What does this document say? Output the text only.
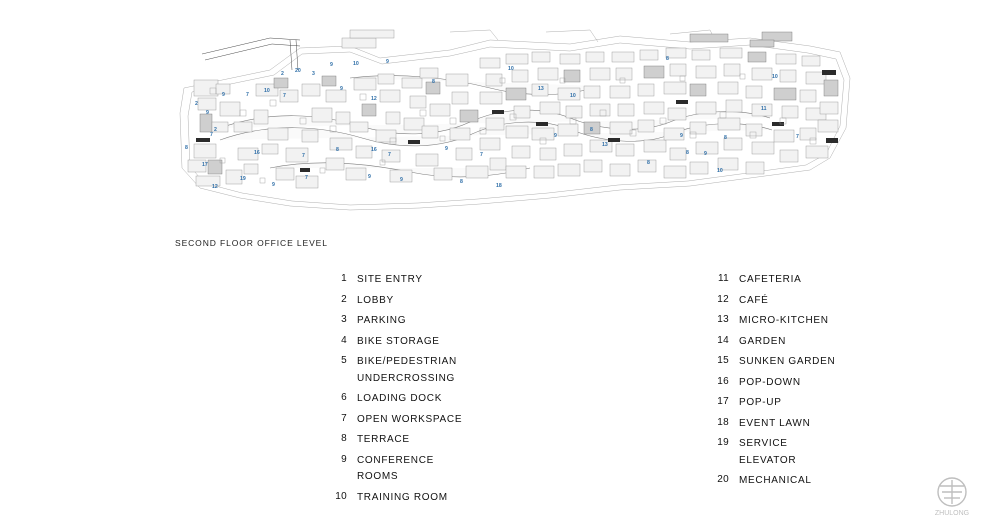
2
2
3
9	10	9
20
2
9
9
7
10
7
9
12
8
10
13
10
8
10
11
7
7
8
17
16	7
8	16
7
9
7
9
8
13
8
8
9	8
9
10
12
19
9
7	9	9	8
18
SECOND FLOOR OFFICE LEVEL
1 SITE ENTRY
2 LOBBY
3 PARKING
4 BIKE STORAGE
5 BIKE/PEDESTRIAN
UNDERCROSSING
6 LOADING DOCK
7 OPEN WORKSPACE
8 TERRACE
9 CONFERENCE ROOMS
10 TRAINING ROOM
11 CAFETERIA
12 CAFÉ
13 MICRO-KITCHEN
14 GARDEN
15 SUNKEN GARDEN
16 POP-DOWN
17 POP-UP
18 EVENT LAWN
19 SERVICE ELEVATOR
20 MECHANICAL
ZHULONG
